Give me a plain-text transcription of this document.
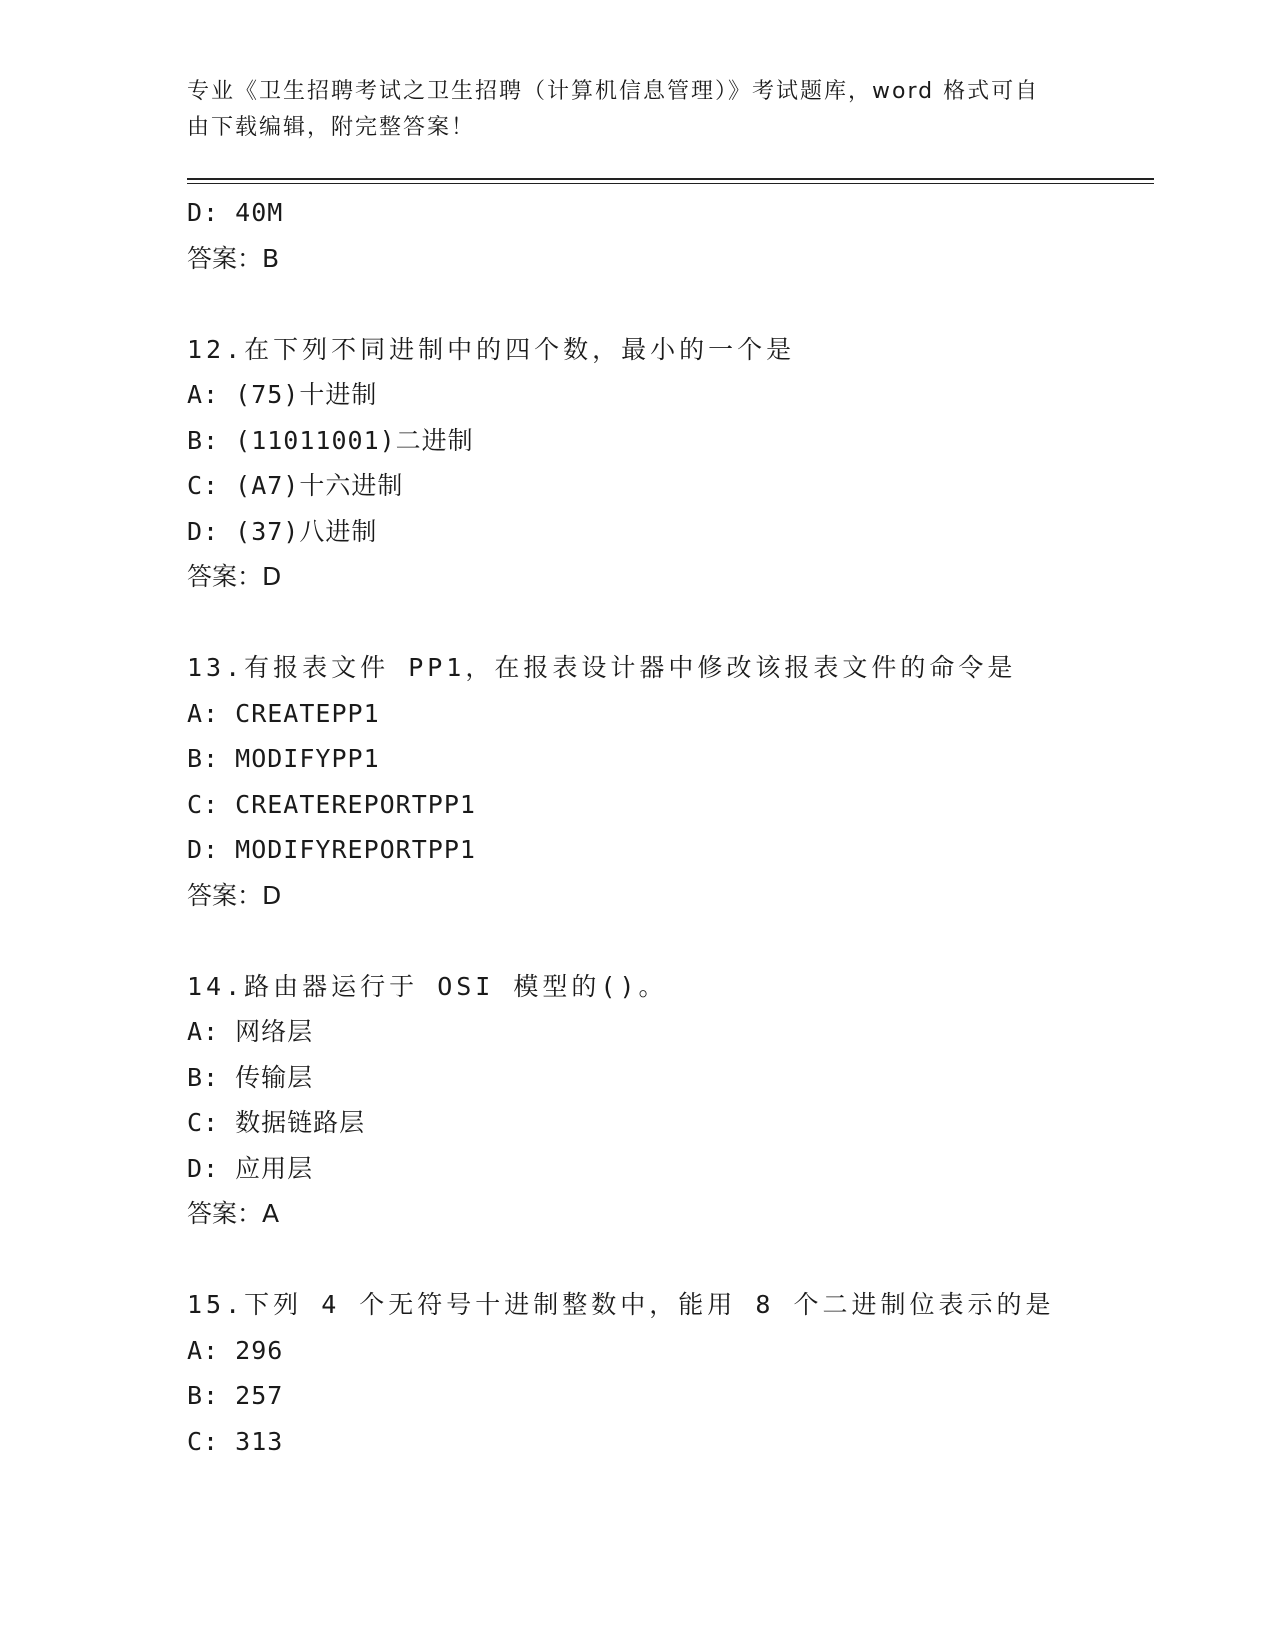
专业《卫生招聘考试之卫生招聘（计算机信息管理）》考试题库，word 格式可自
由下载编辑，附完整答案！
D: 40M
答案：B
12.在下列不同进制中的四个数，最小的一个是
A: (75)十进制
B: (11011001)二进制
C: (A7)十六进制
D: (37)八进制
答案：D
13.有报表文件 PP1，在报表设计器中修改该报表文件的命令是
A: CREATEPP1
B: MODIFYPP1
C: CREATEREPORTPP1
D: MODIFYREPORTPP1
答案：D
14.路由器运行于 OSI 模型的()。
A: 网络层
B: 传输层
C: 数据链路层
D: 应用层
答案：A
15.下列 4 个无符号十进制整数中，能用 8 个二进制位表示的是
A: 296
B: 257
C: 313
